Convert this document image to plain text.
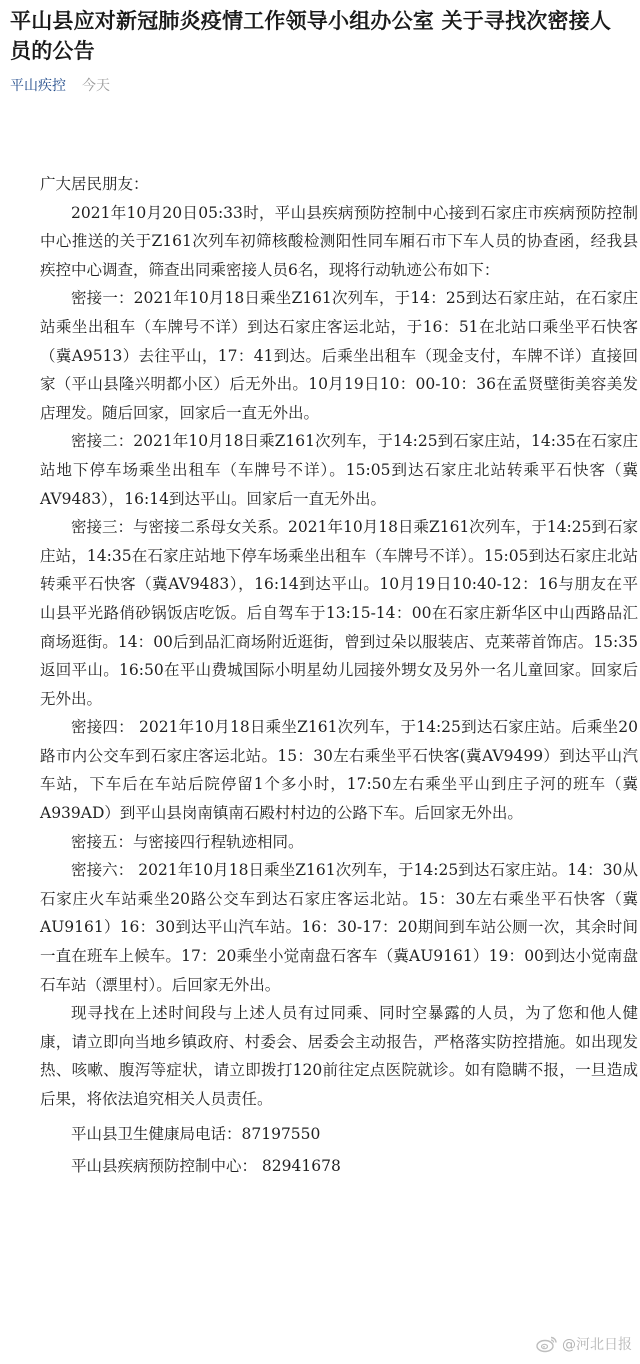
平山县应对新冠肺炎疫情工作领导小组办公室 关于寻找次密接人员的公告
平山疾控 今天

广大居民朋友：

2021年10月20日05:33时，平山县疾病预防控制中心接到石家庄市疾病预防控制中心推送的关于Z161次列车初筛核酸检测阳性同车厢石市下车人员的协查函，经我县疾控中心调查，筛查出同乘密接人员6名，现将行动轨迹公布如下：

密接一：2021年10月18日乘坐Z161次列车，于14：25到达石家庄站，在石家庄站乘坐出租车（车牌号不详）到达石家庄客运北站，于16：51在北站口乘坐平石快客（冀A9513）去往平山，17：41到达。后乘坐出租车（现金支付，车牌不详）直接回家（平山县隆兴明都小区）后无外出。10月19日10：00-10：36在孟贤壁街美容美发店理发。随后回家，回家后一直无外出。

密接二：2021年10月18日乘Z161次列车，于14:25到石家庄站，14:35在石家庄站地下停车场乘坐出租车（车牌号不详）。15:05到达石家庄北站转乘平石快客（冀AV9483），16:14到达平山。回家后一直无外出。

密接三：与密接二系母女关系。2021年10月18日乘Z161次列车，于14:25到石家庄站，14:35在石家庄站地下停车场乘坐出租车（车牌号不详）。15:05到达石家庄北站转乘平石快客（冀AV9483），16:14到达平山。10月19日10:40-12：16与朋友在平山县平光路俏砂锅饭店吃饭。后自驾车于13:15-14：00在石家庄新华区中山西路品汇商场逛街。14：00后到品汇商场附近逛街，曾到过朵以服装店、克莱蒂首饰店。15:35返回平山。16:50在平山费城国际小明星幼儿园接外甥女及另外一名儿童回家。回家后无外出。

密接四： 2021年10月18日乘坐Z161次列车，于14:25到达石家庄站。后乘坐20路市内公交车到石家庄客运北站。15：30左右乘坐平石快客(冀AV9499）到达平山汽车站，下车后在车站后院停留1个多小时，17:50左右乘坐平山到庄子河的班车（冀A939AD）到平山县岗南镇南石殿村村边的公路下车。后回家无外出。

密接五：与密接四行程轨迹相同。

密接六： 2021年10月18日乘坐Z161次列车，于14:25到达石家庄站。14：30从石家庄火车站乘坐20路公交车到达石家庄客运北站。15：30左右乘坐平石快客（冀AU9161）16：30到达平山汽车站。16：30-17：20期间到车站公厕一次，其余时间一直在班车上候车。17：20乘坐小觉南盘石客车（冀AU9161）19：00到达小觉南盘石车站（漂里村）。后回家无外出。

现寻找在上述时间段与上述人员有过同乘、同时空暴露的人员，为了您和他人健康，请立即向当地乡镇政府、村委会、居委会主动报告，严格落实防控措施。如出现发热、咳嗽、腹泻等症状，请立即拨打120前往定点医院就诊。如有隐瞒不报，一旦造成后果，将依法追究相关人员责任。

平山县卫生健康局电话：87197550

平山县疾病预防控制中心： 82941678

@河北日报
